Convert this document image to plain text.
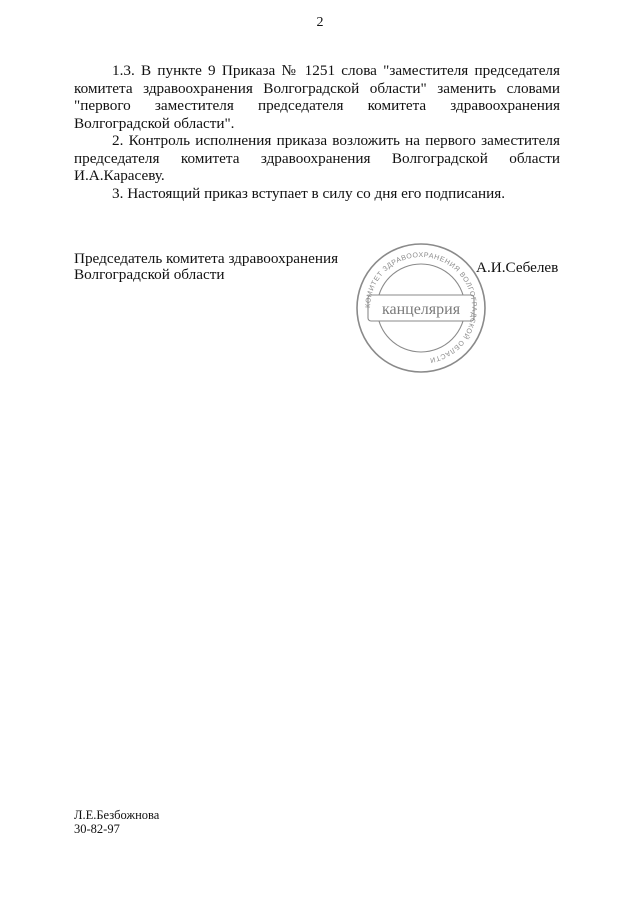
2

1.3. В пункте 9 Приказа № 1251 слова "заместителя председателя комитета здравоохранения Волгоградской области" заменить словами "первого заместителя председателя комитета здравоохранения Волгоградской области".

2. Контроль исполнения приказа возложить на первого заместителя председателя комитета здравоохранения Волгоградской области И.А.Карасеву.

3. Настоящий приказ вступает в силу со дня его подписания.

Председатель комитета здравоохранения
Волгоградской области	А.И.Себелев
КОМИТЕТ ЗДРАВООХРАНЕНИЯ ВОЛГОГРАДСКОЙ ОБЛАСТИ
канцелярия
Л.Е.Безбожнова
30-82-97
